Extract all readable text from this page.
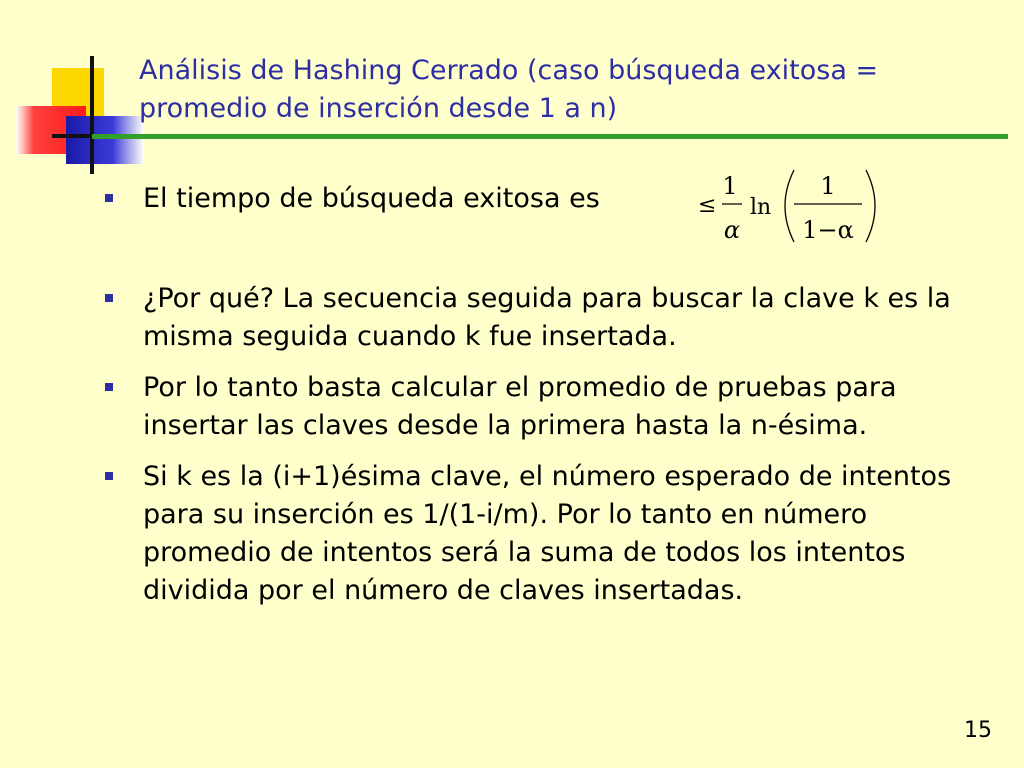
Análisis de Hashing Cerrado (caso búsqueda exitosa = promedio de inserción desde 1 a n)
El tiempo de búsqueda exitosa es
¿Por qué? La secuencia seguida para buscar la clave k es la misma seguida cuando k fue insertada.
Por lo tanto basta calcular el promedio de pruebas para insertar las claves desde la primera hasta la n-ésima.
Si k es la (i+1)ésima clave, el número esperado de intentos para su inserción es 1/(1-i/m). Por lo tanto en número promedio de intentos será la suma de todos los intentos dividida por el número de claves insertadas.
≤
1
α
ln
1
1−α
15
